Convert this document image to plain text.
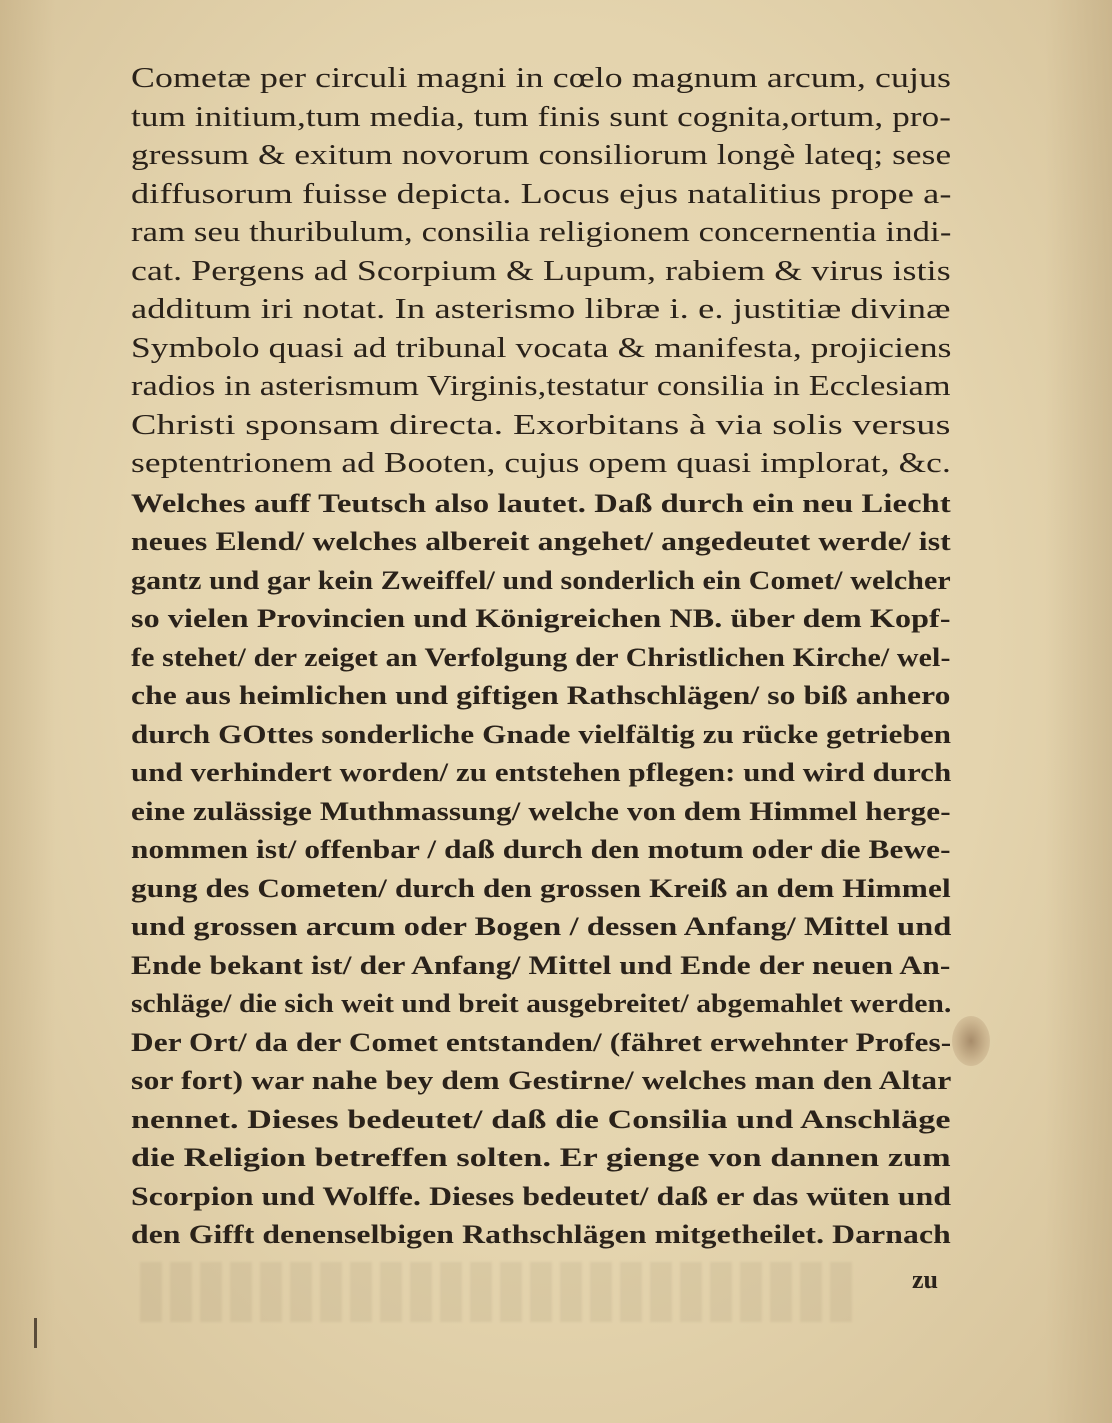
Cometæ per circuli magni in cœlo magnum arcum, cujus
tum initium,tum media, tum finis sunt cognita,ortum, pro-
gressum & exitum novorum consiliorum longè lateq; sese
diffusorum fuisse depicta. Locus ejus natalitius prope a-
ram seu thuribulum, consilia religionem concernentia indi-
cat. Pergens ad Scorpium & Lupum, rabiem & virus istis
additum iri notat. In asterismo libræ i. e. justitiæ divinæ
Symbolo quasi ad tribunal vocata & manifesta, projiciens
radios in asterismum Virginis,testatur consilia in Ecclesiam
Christi sponsam directa. Exorbitans à via solis versus
septentrionem ad Booten, cujus opem quasi implorat, &c.
Welches auff Teutsch also lautet. Daß durch ein neu Liecht
neues Elend/ welches albereit angehet/ angedeutet werde/ ist
gantz und gar kein Zweiffel/ und sonderlich ein Comet/ welcher
so vielen Provincien und Königreichen NB. über dem Kopf-
fe stehet/ der zeiget an Verfolgung der Christlichen Kirche/ wel-
che aus heimlichen und giftigen Rathschlägen/ so biß anhero
durch GOttes sonderliche Gnade vielfältig zu rücke getrieben
und verhindert worden/ zu entstehen pflegen: und wird durch
eine zulässige Muthmassung/ welche von dem Himmel herge-
nommen ist/ offenbar / daß durch den motum oder die Bewe-
gung des Cometen/ durch den grossen Kreiß an dem Himmel
und grossen arcum oder Bogen / dessen Anfang/ Mittel und
Ende bekant ist/ der Anfang/ Mittel und Ende der neuen An-
schläge/ die sich weit und breit ausgebreitet/ abgemahlet werden.
Der Ort/ da der Comet entstanden/ (fähret erwehnter Profes-
sor fort) war nahe bey dem Gestirne/ welches man den Altar
nennet. Dieses bedeutet/ daß die Consilia und Anschläge
die Religion betreffen solten. Er gienge von dannen zum
Scorpion und Wolffe. Dieses bedeutet/ daß er das wüten und
den Gifft denenselbigen Rathschlägen mitgetheilet. Darnach
zu
